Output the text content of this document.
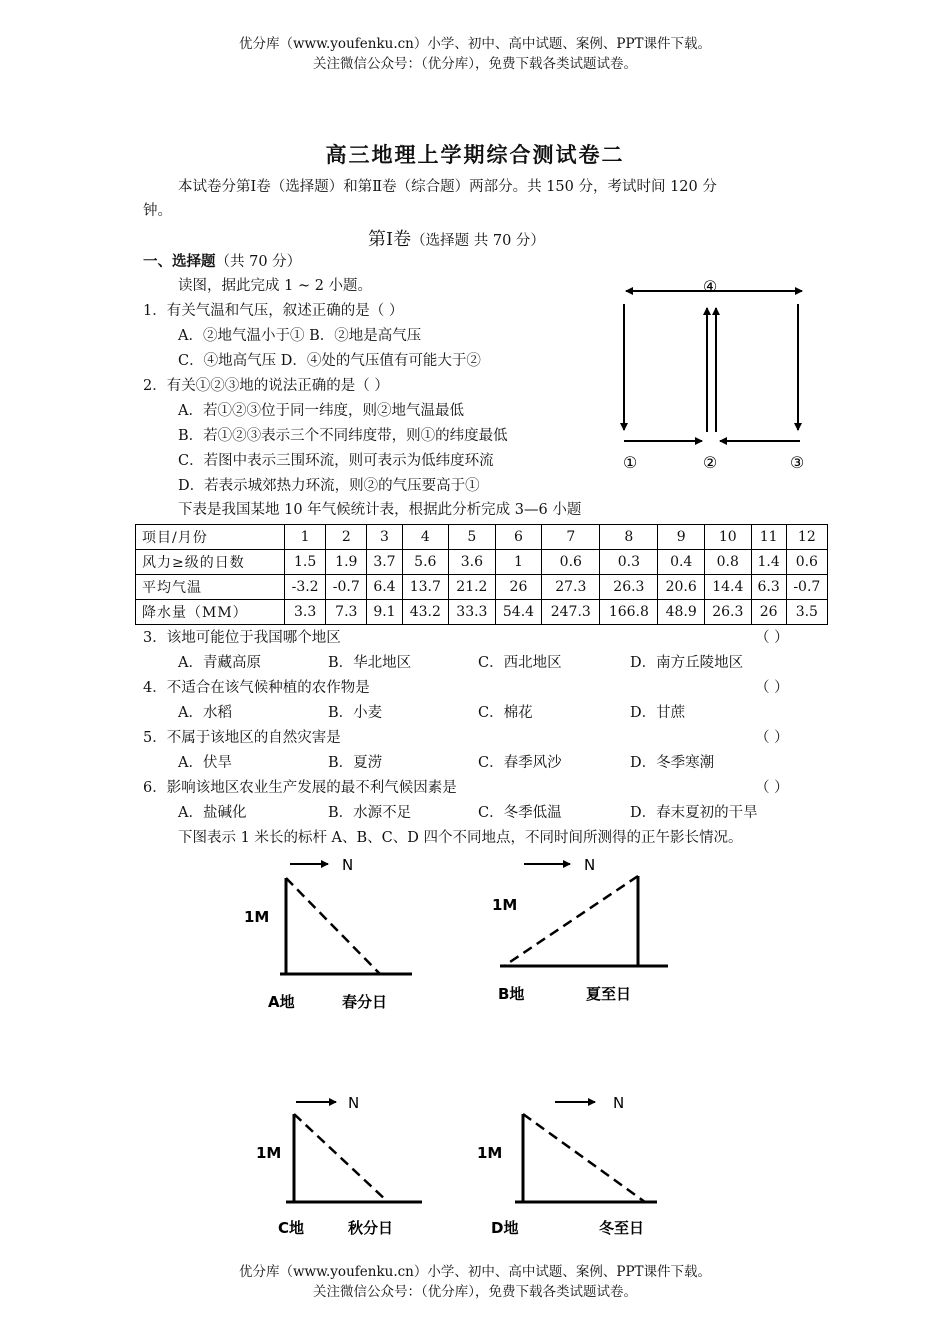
优分库（www.youfenku.cn）小学、初中、高中试题、案例、PPT课件下载。
关注微信公众号：（优分库），免费下载各类试题试卷。
高三地理上学期综合测试卷二
本试卷分第Ⅰ卷（选择题）和第Ⅱ卷（综合题）两部分。共 150 分，考试时间 120 分
钟。
第Ⅰ卷（选择题 共 70 分）
一、选择题（共 70 分）
读图，据此完成 1 ~ 2 小题。
1．有关气温和气压，叙述正确的是（ ）
A．②地气温小于① B．②地是高气压
C．④地高气压 D．④处的气压值有可能大于②
2．有关①②③地的说法正确的是（ ）
A．若①②③位于同一纬度，则②地气温最低
B．若①②③表示三个不同纬度带，则①的纬度最低
C．若图中表示三围环流，则可表示为低纬度环流
D．若表示城郊热力环流，则②的气压要高于①
④
①	②	③
下表是我国某地 10 年气候统计表，根据此分析完成 3—6 小题
项目/月份	1	2	3	4	5	6	7	8	9	10	11	12
风力≥级的日数	1.5	1.9	3.7	5.6	3.6	1	0.6	0.3	0.4	0.8	1.4	0.6
平均气温	-3.2	-0.7	6.4	13.7	21.2	26	27.3	26.3	20.6	14.4	6.3	-0.7
降水量（MM）	3.3	7.3	9.1	43.2	33.3	54.4	247.3	166.8	48.9	26.3	26	3.5
3．该地可能位于我国哪个地区	（ ）
A．青藏高原	B．华北地区	C．西北地区	D．南方丘陵地区
4．不适合在该气候种植的农作物是	（ ）
A．水稻	B．小麦	C．棉花	D．甘蔗
5．不属于该地区的自然灾害是	（ ）
A．伏旱	B．夏涝	C．春季风沙	D．冬季寒潮
6．影响该地区农业生产发展的最不利气候因素是	（ ）
A．盐碱化	B．水源不足	C．冬季低温	D．春末夏初的干旱
下图表示 1 米长的标杆 A、B、C、D 四个不同地点，不同时间所测得的正午影长情况。
N
1M
A地	春分日
N
1M
B地	夏至日
N
1M
C地	秋分日
N
1M
D地	冬至日
优分库（www.youfenku.cn）小学、初中、高中试题、案例、PPT课件下载。
关注微信公众号：（优分库），免费下载各类试题试卷。
